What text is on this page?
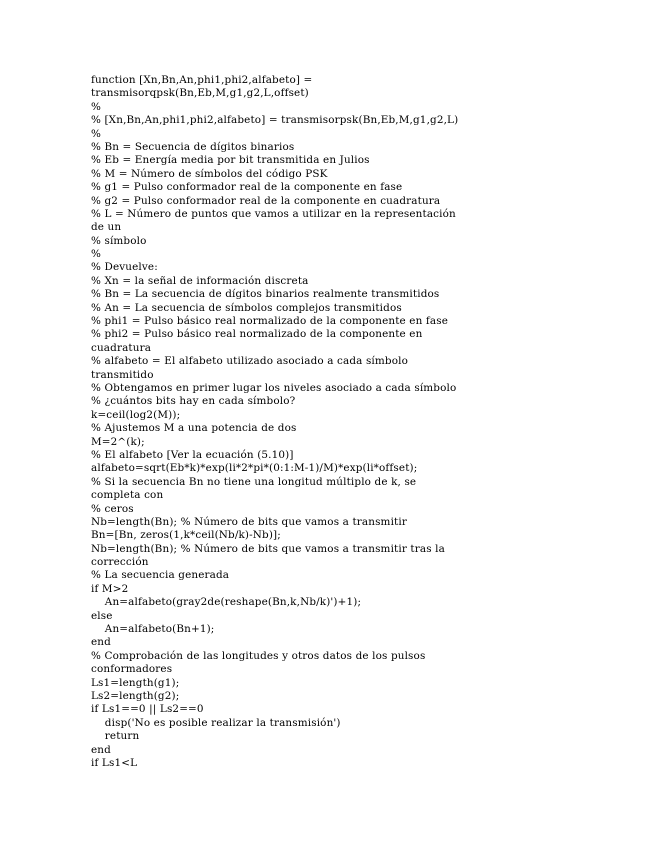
function [Xn,Bn,An,phi1,phi2,alfabeto] =
transmisorqpsk(Bn,Eb,M,g1,g2,L,offset)
%
% [Xn,Bn,An,phi1,phi2,alfabeto] = transmisorpsk(Bn,Eb,M,g1,g2,L)
%
% Bn = Secuencia de dígitos binarios
% Eb = Energía media por bit transmitida en Julios
% M = Número de símbolos del código PSK
% g1 = Pulso conformador real de la componente en fase
% g2 = Pulso conformador real de la componente en cuadratura
% L = Número de puntos que vamos a utilizar en la representación
de un
% símbolo
%
% Devuelve:
% Xn = la señal de información discreta
% Bn = La secuencia de dígitos binarios realmente transmitidos
% An = La secuencia de símbolos complejos transmitidos
% phi1 = Pulso básico real normalizado de la componente en fase
% phi2 = Pulso básico real normalizado de la componente en
cuadratura
% alfabeto = El alfabeto utilizado asociado a cada símbolo
transmitido
% Obtengamos en primer lugar los niveles asociado a cada símbolo
% ¿cuántos bits hay en cada símbolo?
k=ceil(log2(M));
% Ajustemos M a una potencia de dos
M=2^(k);
% El alfabeto [Ver la ecuación (5.10)]
alfabeto=sqrt(Eb*k)*exp(li*2*pi*(0:1:M-1)/M)*exp(li*offset);
% Si la secuencia Bn no tiene una longitud múltiplo de k, se
completa con
% ceros
Nb=length(Bn); % Número de bits que vamos a transmitir
Bn=[Bn, zeros(1,k*ceil(Nb/k)-Nb)];
Nb=length(Bn); % Número de bits que vamos a transmitir tras la
corrección
% La secuencia generada
if M>2
An=alfabeto(gray2de(reshape(Bn,k,Nb/k)')+1);
else
An=alfabeto(Bn+1);
end
% Comprobación de las longitudes y otros datos de los pulsos
conformadores
Ls1=length(g1);
Ls2=length(g2);
if Ls1==0 || Ls2==0
disp('No es posible realizar la transmisión')
return
end
if Ls1<L
